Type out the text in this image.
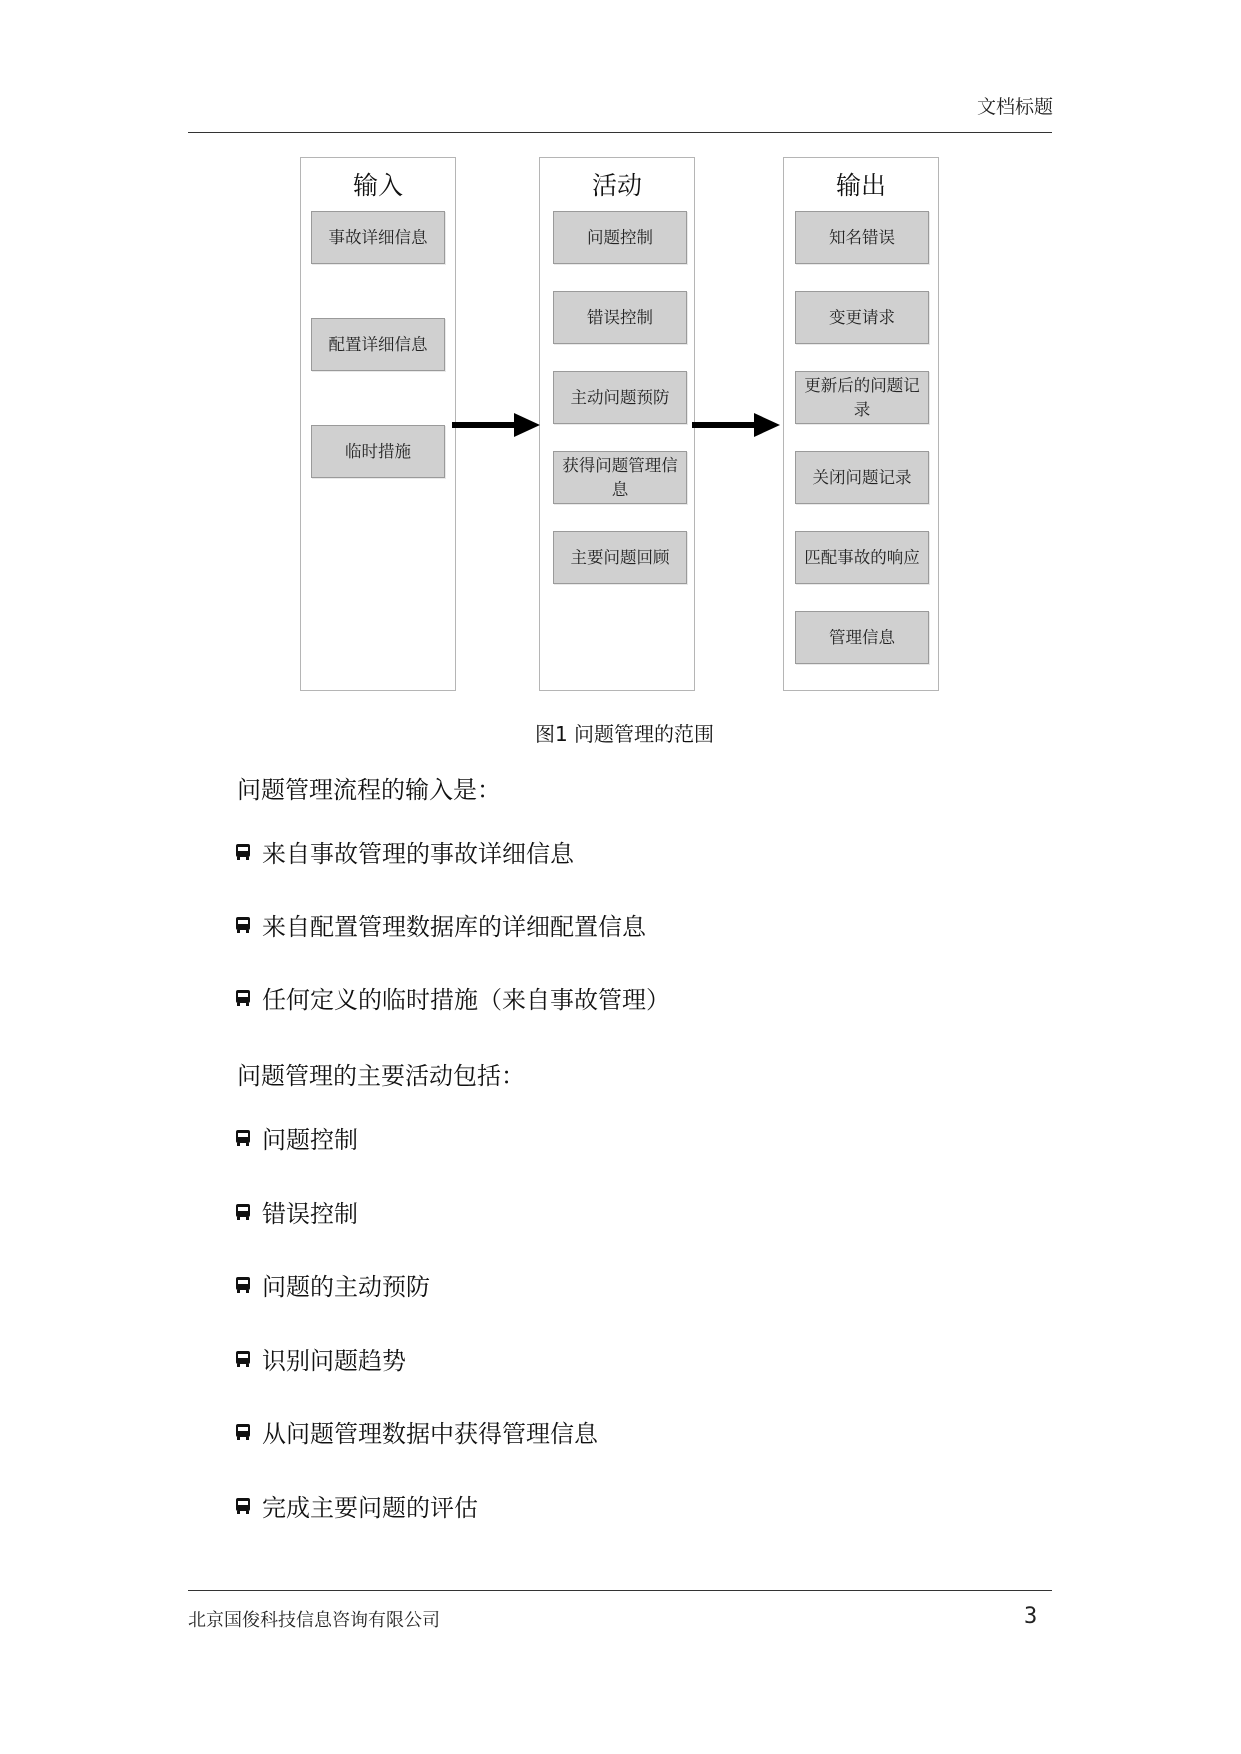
文档标题
输入
事故详细信息
配置详细信息
临时措施
活动
问题控制
错误控制
主动问题预防
获得问题管理信息
主要问题回顾
输出
知名错误
变更请求
更新后的问题记录
关闭问题记录
匹配事故的响应
管理信息
图1 问题管理的范围
问题管理流程的输入是：
来自事故管理的事故详细信息
来自配置管理数据库的详细配置信息
任何定义的临时措施（来自事故管理）
问题管理的主要活动包括：
问题控制
错误控制
问题的主动预防
识别问题趋势
从问题管理数据中获得管理信息
完成主要问题的评估
北京国俊科技信息咨询有限公司	3
